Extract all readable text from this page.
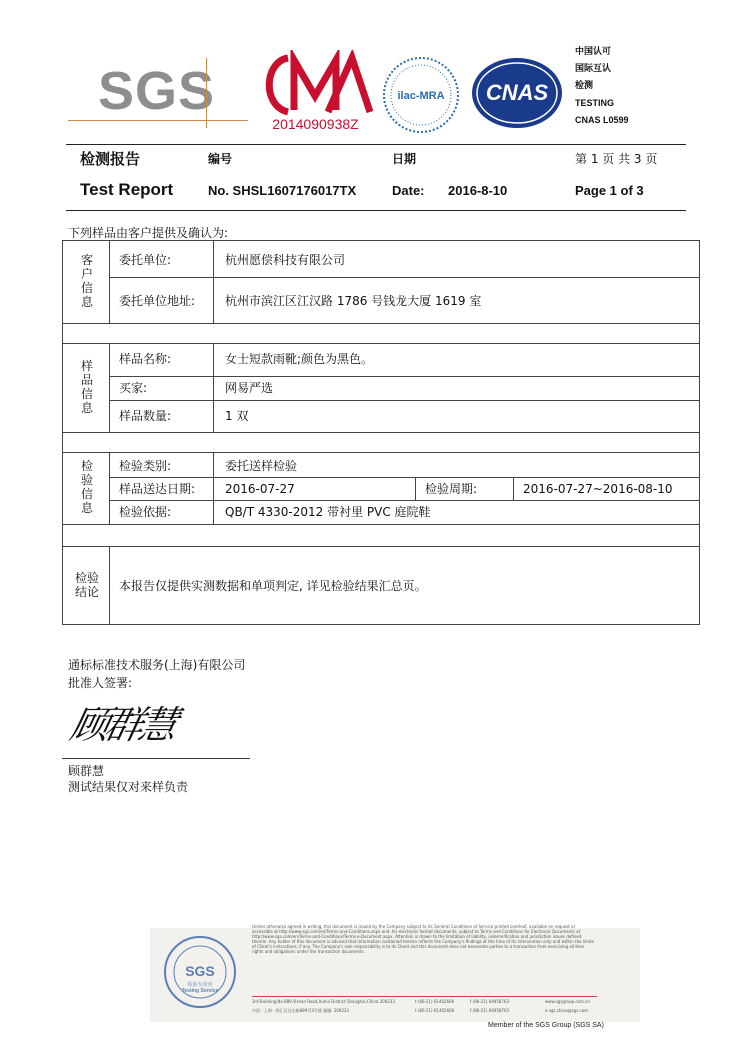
SGS
2014090938Z
ilac-MRA CNAS
中国认可
国际互认
检测
TESTING
CNAS L0599
检测报告	编号	日期	第 1 页 共 3 页
Test Report	No. SHSL1607176017TX	Date: 2016-8-10	Page 1 of 3
下列样品由客户提供及确认为:
客户信息
委托单位:	杭州愿偿科技有限公司
委托单位地址: 杭州市滨江区江汉路 1786 号钱龙大厦 1619 室
样品信息
样品名称:	女士短款雨靴;颜色为黑色。
买家:	网易严选
样品数量:	1 双
检验信息
检验类别:	委托送样检验
样品送达日期: 2016-07-27	检验周期:	2016-07-27~2016-08-10
检验依据:	QB/T 4330-2012 带衬里 PVC 庭院鞋
检验结论 本报告仅提供实测数据和单项判定, 详见检验结果汇总页。
通标标准技术服务(上海)有限公司
批准人签署:
顾群慧
顾群慧
测试结果仅对来样负责
SGS
检验专用章
Testing Service
Unless otherwise agreed in writing, this document is issued by the Company subject to its General Conditions of Service printed overleaf, available on request or accessible at http://www.sgs.com/en/Terms-and-Conditions.aspx and, for electronic format documents, subject to Terms and Conditions for Electronic Documents at http://www.sgs.com/en/Terms-and-Conditions/Terms-e-Document.aspx. Attention is drawn to the limitation of liability, indemnification and jurisdiction issues defined therein. Any holder of this document is advised that information contained hereon reflects the Company's findings at the time of its intervention only and within the limits of Client's instructions, if any. The Company's sole responsibility is to its Client and this document does not exonerate parties to a transaction from exercising all their rights and obligations under the transaction documents.
3rd Building,No.889,Yishan Road,Xuhui District Shanghai,China 200233	t (86-21) 61402666	f (86-21) 64958763	www.sgsgroup.com.cn
中国 · 上海 · 徐汇区宜山路889号3号楼 邮编: 200233	t (86-21) 61402666	f (86-21) 64958763	e sgs.china@sgs.com
Member of the SGS Group (SGS SA)
